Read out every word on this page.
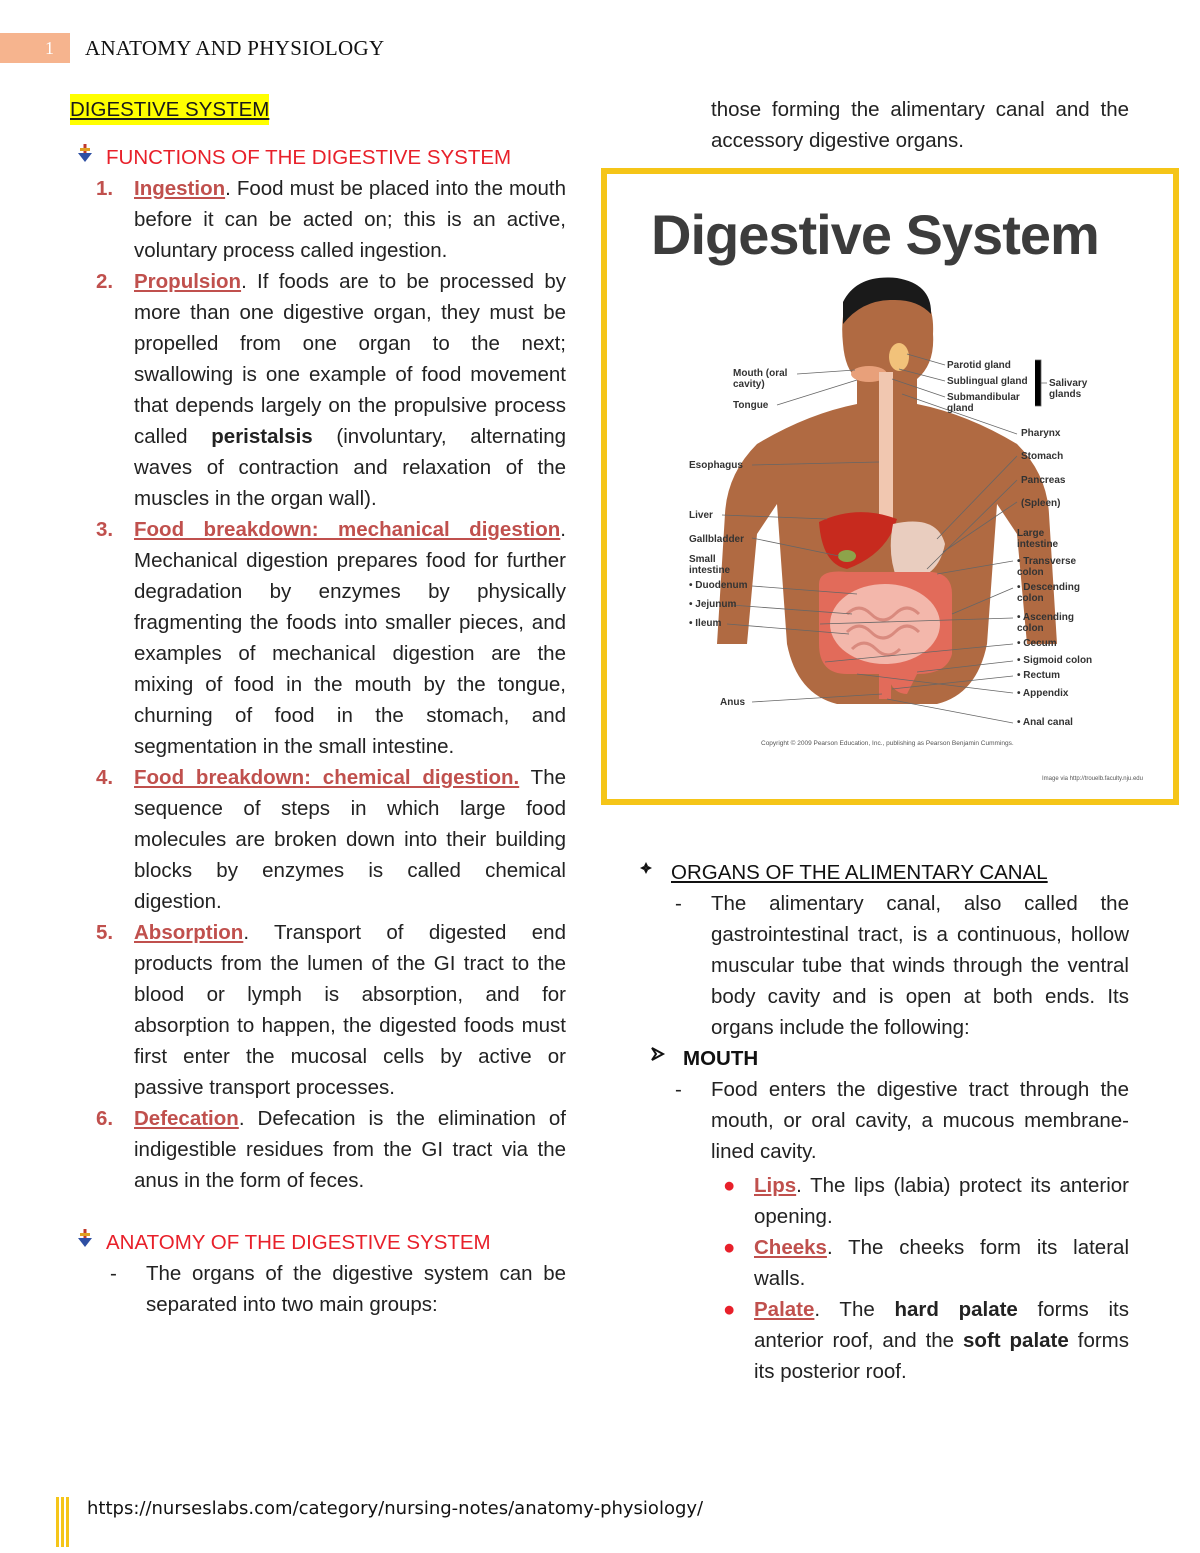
1	ANATOMY AND PHYSIOLOGY
DIGESTIVE SYSTEM
FUNCTIONS OF THE DIGESTIVE SYSTEM
1. Ingestion. Food must be placed into the mouth before it can be acted on; this is an active, voluntary process called ingestion.
2. Propulsion. If foods are to be processed by more than one digestive organ, they must be propelled from one organ to the next; swallowing is one example of food movement that depends largely on the propulsive process called peristalsis (involuntary, alternating waves of contraction and relaxation of the muscles in the organ wall).
3. Food breakdown: mechanical digestion. Mechanical digestion prepares food for further degradation by enzymes by physically fragmenting the foods into smaller pieces, and examples of mechanical digestion are the mixing of food in the mouth by the tongue, churning of food in the stomach, and segmentation in the small intestine.
4. Food breakdown: chemical digestion. The sequence of steps in which large food molecules are broken down into their building blocks by enzymes is called chemical digestion.
5. Absorption. Transport of digested end products from the lumen of the GI tract to the blood or lymph is absorption, and for absorption to happen, the digested foods must first enter the mucosal cells by active or passive transport processes.
6. Defecation. Defecation is the elimination of indigestible residues from the GI tract via the anus in the form of feces.
ANATOMY OF THE DIGESTIVE SYSTEM
- The organs of the digestive system can be separated into two main groups:
those forming the alimentary canal and the accessory digestive organs.
Digestive System
Mouth (oral cavity)
Tongue
Esophagus
Liver
Gallbladder
Small intestine
• Duodenum
• Jejunum
• Ileum
Anus
Parotid gland
Sublingual gland
Submandibular gland
Salivary glands
Pharynx
Stomach
Pancreas
(Spleen)
Large intestine
• Transverse colon
• Descending colon
• Ascending colon
• Cecum
• Sigmoid colon
• Rectum
• Appendix
• Anal canal
Copyright © 2009 Pearson Education, Inc., publishing as Pearson Benjamin Cummings.
Image via http://trouelb.faculty.nju.edu
ORGANS OF THE ALIMENTARY CANAL
- The alimentary canal, also called the gastrointestinal tract, is a continuous, hollow muscular tube that winds through the ventral body cavity and is open at both ends. Its organs include the following:
MOUTH
- Food enters the digestive tract through the mouth, or oral cavity, a mucous membrane-lined cavity.
● Lips. The lips (labia) protect its anterior opening.
● Cheeks. The cheeks form its lateral walls.
● Palate. The hard palate forms its anterior roof, and the soft palate forms its posterior roof.
https://nurseslabs.com/category/nursing-notes/anatomy-physiology/
